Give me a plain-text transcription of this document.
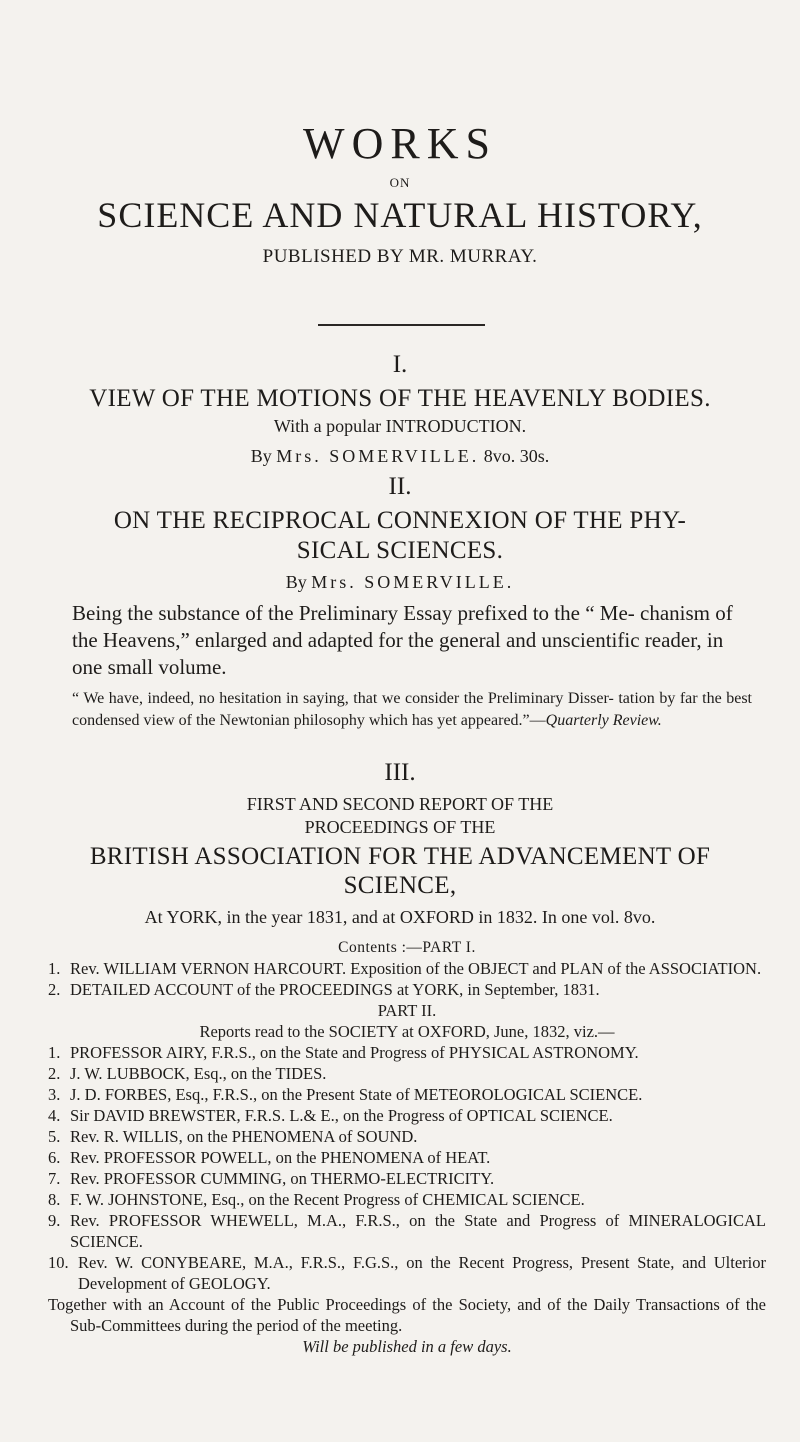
WORKS
ON
SCIENCE AND NATURAL HISTORY,
PUBLISHED BY MR. MURRAY.
I.
VIEW OF THE MOTIONS OF THE HEAVENLY BODIES.
With a popular INTRODUCTION.
By Mrs. SOMERVILLE. 8vo. 30s.
II.
ON THE RECIPROCAL CONNEXION OF THE PHY-
SICAL SCIENCES.
By Mrs. SOMERVILLE.
Being the substance of the Preliminary Essay prefixed to the “ Me- chanism of the Heavens,” enlarged and adapted for the general and unscientific reader, in one small volume.
“ We have, indeed, no hesitation in saying, that we consider the Preliminary Disser- tation by far the best condensed view of the Newtonian philosophy which has yet appeared.”—Quarterly Review.
III.
FIRST AND SECOND REPORT OF THE
PROCEEDINGS OF THE
BRITISH ASSOCIATION FOR THE ADVANCEMENT OF
SCIENCE,
At YORK, in the year 1831, and at OXFORD in 1832. In one vol. 8vo.
Contents :—PART I.
1. Rev. WILLIAM VERNON HARCOURT. Exposition of the OBJECT and PLAN of the ASSOCIATION.
2. DETAILED ACCOUNT of the PROCEEDINGS at YORK, in September, 1831.
PART II.
Reports read to the SOCIETY at OXFORD, June, 1832, viz.—
1. PROFESSOR AIRY, F.R.S., on the State and Progress of PHYSICAL ASTRONOMY.
2. J. W. LUBBOCK, Esq., on the TIDES.
3. J. D. FORBES, Esq., F.R.S., on the Present State of METEOROLOGICAL SCIENCE.
4. Sir DAVID BREWSTER, F.R.S. L.& E., on the Progress of OPTICAL SCIENCE.
5. Rev. R. WILLIS, on the PHENOMENA of SOUND.
6. Rev. PROFESSOR POWELL, on the PHENOMENA of HEAT.
7. Rev. PROFESSOR CUMMING, on THERMO-ELECTRICITY.
8. F. W. JOHNSTONE, Esq., on the Recent Progress of CHEMICAL SCIENCE.
9. Rev. PROFESSOR WHEWELL, M.A., F.R.S., on the State and Progress of MINERALOGICAL SCIENCE.
10. Rev. W. CONYBEARE, M.A., F.R.S., F.G.S., on the Recent Progress, Present State, and Ulterior Development of GEOLOGY.
Together with an Account of the Public Proceedings of the Society, and of the Daily Transactions of the Sub-Committees during the period of the meeting.
Will be published in a few days.
